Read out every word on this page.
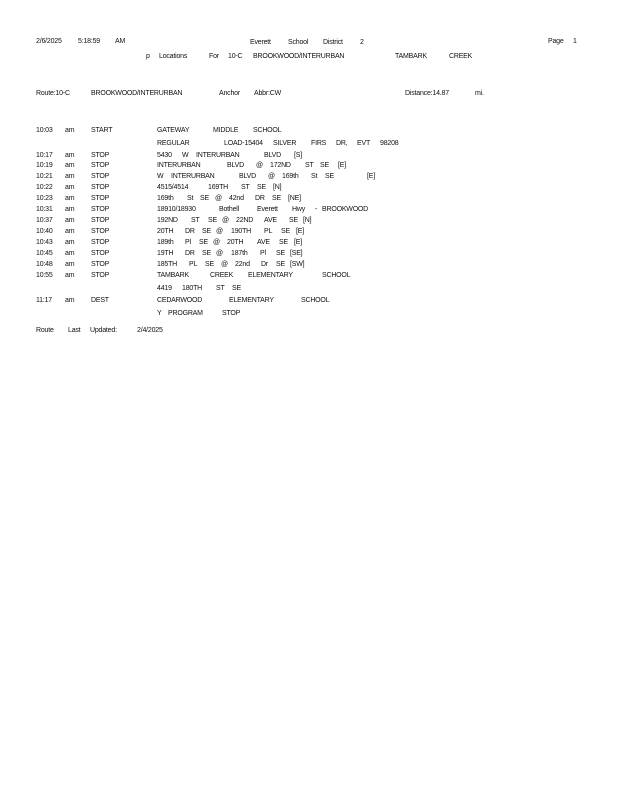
2/6/2025 5:18:59 AM	Everett School District 2	Page 1
p Locations	For 10-C BROOKWOOD/INTERURBAN	TAMBARK	CREEK
Route:10-C	BROOKWOOD/INTERURBAN	Anchor Abbr:CW	Distance:14.87	mi.
10:03 am START	GATEWAY	MIDDLE SCHOOL
REGULAR	LOAD-15404 SILVER FIRS DR, EVT 98208
10:17 am STOP	5430 W INTERURBAN	BLVD [S]
10:19 am STOP	INTERURBAN	BLVD @ 172ND ST SE [E]
10:21 am STOP	W INTERURBAN	BLVD @ 169th St SE	[E]
10:22 am STOP	4515/4514	169TH ST SE [N]
10:23 am STOP	169th St SE @ 42nd DR SE [NE]
10:31 am STOP	18910/18930	Bothell	Everett Hwy - BROOKWOOD
10:37 am STOP	192ND ST SE @ 22ND AVE SE [N]
10:40 am STOP	20TH DR SE @ 190TH PL SE [E]
10:43 am STOP	189th Pl SE @ 20TH AVE SE [E]
10:45 am STOP	19TH DR SE @ 187th Pl SE [SE]
10:48 am STOP	185TH PL SE @ 22nd Dr SE [SW]
10:55 am STOP	TAMBARK	CREEK ELEMENTARY	SCHOOL
4419 180TH ST SE
11:17 am DEST	CEDARWOOD	ELEMENTARY	SCHOOL
Y PROGRAM	STOP
Route Last Updated:	2/4/2025
